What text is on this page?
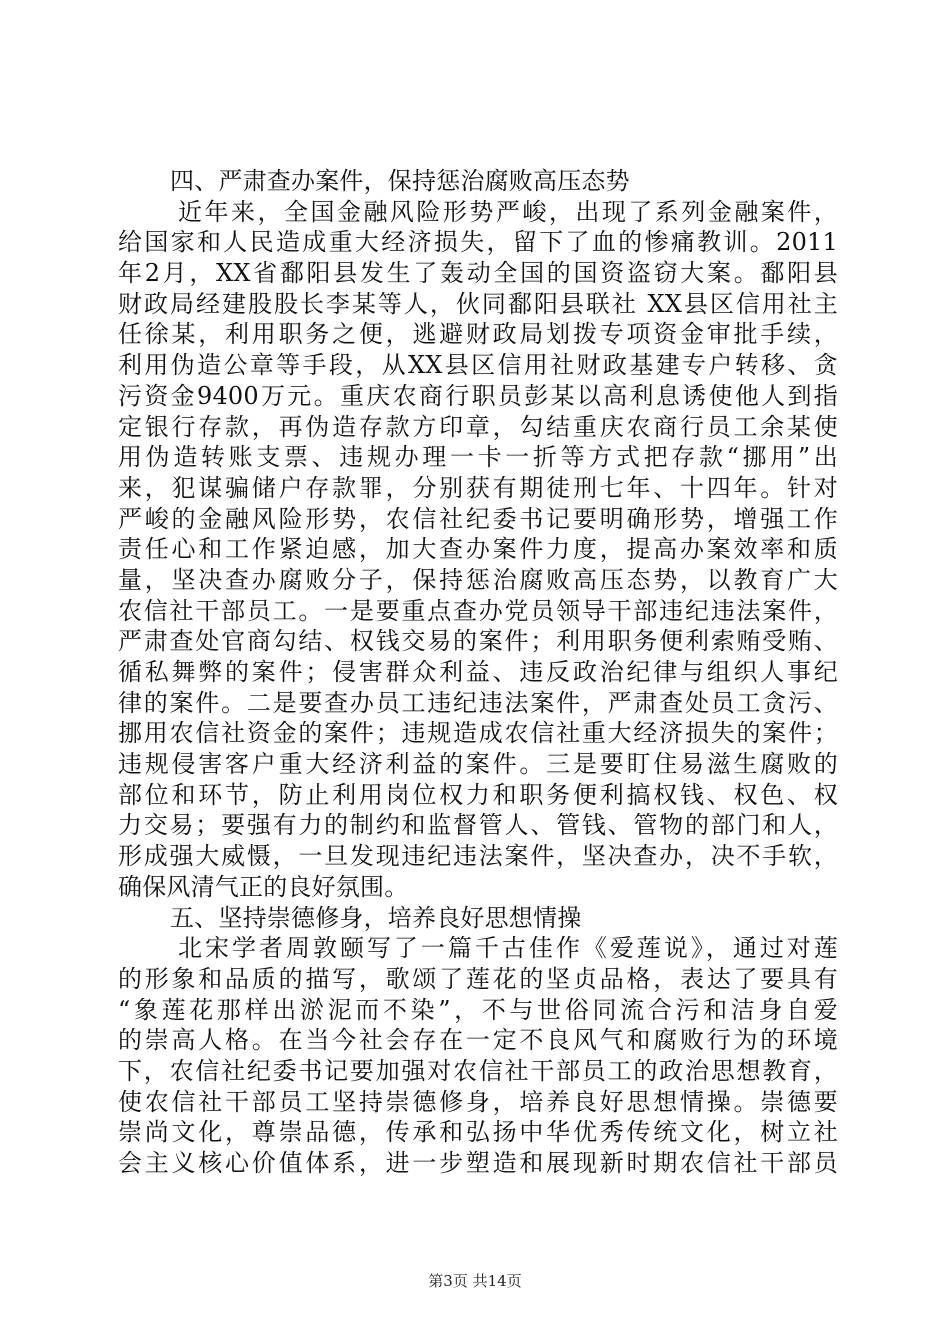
四、严肃查办案件，保持惩治腐败高压态势
近年来，全国金融风险形势严峻，出现了系列金融案件，
给国家和人民造成重大经济损失，留下了血的惨痛教训。2011
年2月，XX省鄱阳县发生了轰动全国的国资盗窃大案。鄱阳县
财政局经建股股长李某等人，伙同鄱阳县联社 XX县区信用社主
任徐某，利用职务之便，逃避财政局划拨专项资金审批手续，
利用伪造公章等手段，从XX县区信用社财政基建专户转移、贪
污资金9400万元。重庆农商行职员彭某以高利息诱使他人到指
定银行存款，再伪造存款方印章，勾结重庆农商行员工余某使
用伪造转账支票、违规办理一卡一折等方式把存款“挪用”出
来，犯谋骗储户存款罪，分别获有期徒刑七年、十四年。针对
严峻的金融风险形势，农信社纪委书记要明确形势，增强工作
责任心和工作紧迫感，加大查办案件力度，提高办案效率和质
量，坚决查办腐败分子，保持惩治腐败高压态势，以教育广大
农信社干部员工。一是要重点查办党员领导干部违纪违法案件，
严肃查处官商勾结、权钱交易的案件；利用职务便利索贿受贿、
循私舞弊的案件；侵害群众利益、违反政治纪律与组织人事纪
律的案件。二是要查办员工违纪违法案件，严肃查处员工贪污、
挪用农信社资金的案件；违规造成农信社重大经济损失的案件；
违规侵害客户重大经济利益的案件。三是要盯住易滋生腐败的
部位和环节，防止利用岗位权力和职务便利搞权钱、权色、权
力交易；要强有力的制约和监督管人、管钱、管物的部门和人，
形成强大威慑，一旦发现违纪违法案件，坚决查办，决不手软，
确保风清气正的良好氛围。
五、坚持崇德修身，培养良好思想情操
北宋学者周敦颐写了一篇千古佳作《爱莲说》，通过对莲
的形象和品质的描写，歌颂了莲花的坚贞品格，表达了要具有
“象莲花那样出淤泥而不染”，不与世俗同流合污和洁身自爱
的崇高人格。在当今社会存在一定不良风气和腐败行为的环境
下，农信社纪委书记要加强对农信社干部员工的政治思想教育，
使农信社干部员工坚持崇德修身，培养良好思想情操。崇德要
崇尚文化，尊崇品德，传承和弘扬中华优秀传统文化，树立社
会主义核心价值体系，进一步塑造和展现新时期农信社干部员
第3页 共14页
